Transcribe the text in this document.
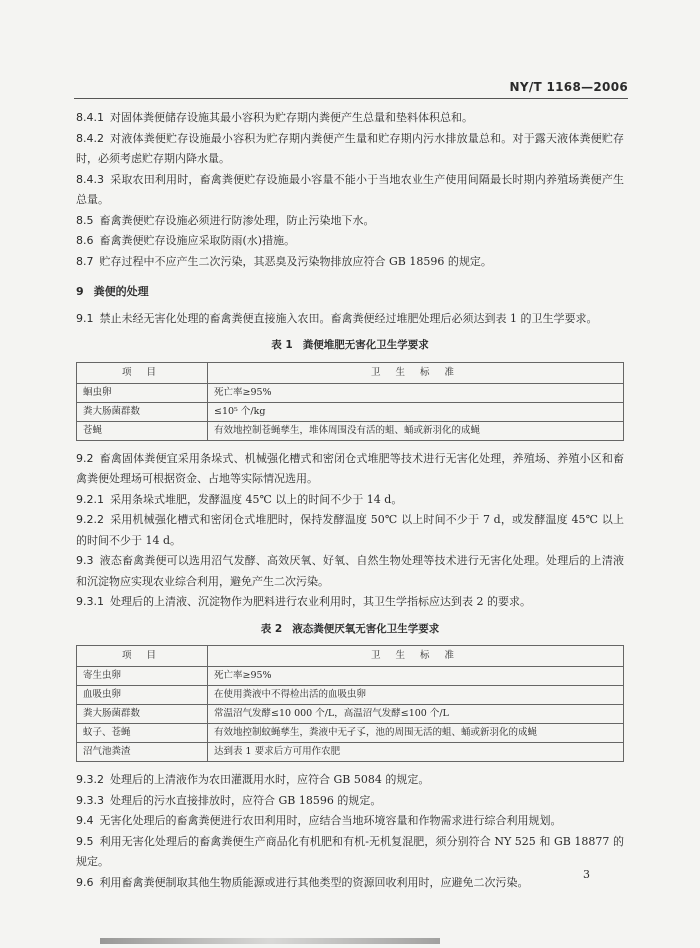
NY/T 1168—2006

8.4.1 对固体粪便储存设施其最小容积为贮存期内粪便产生总量和垫料体积总和。

8.4.2 对液体粪便贮存设施最小容积为贮存期内粪便产生量和贮存期内污水排放量总和。对于露天液体粪便贮存时，必须考虑贮存期内降水量。

8.4.3 采取农田利用时，畜禽粪便贮存设施最小容量不能小于当地农业生产使用间隔最长时期内养殖场粪便产生总量。

8.5 畜禽粪便贮存设施必须进行防渗处理，防止污染地下水。

8.6 畜禽粪便贮存设施应采取防雨(水)措施。

8.7 贮存过程中不应产生二次污染，其恶臭及污染物排放应符合 GB 18596 的规定。

9 粪便的处理

9.1 禁止未经无害化处理的畜禽粪便直接施入农田。畜禽粪便经过堆肥处理后必须达到表 1 的卫生学要求。

表 1 粪便堆肥无害化卫生学要求
项 目	卫 生 标 准
蛔虫卵	死亡率≥95%
粪大肠菌群数	≤10⁵ 个/kg
苍蝇	有效地控制苍蝇孳生，堆体周围没有活的蛆、蛹或新羽化的成蝇

9.2 畜禽固体粪便宜采用条垛式、机械强化槽式和密闭仓式堆肥等技术进行无害化处理，养殖场、养殖小区和畜禽粪便处理场可根据资金、占地等实际情况选用。

9.2.1 采用条垛式堆肥，发酵温度 45℃ 以上的时间不少于 14 d。

9.2.2 采用机械强化槽式和密闭仓式堆肥时，保持发酵温度 50℃ 以上时间不少于 7 d，或发酵温度 45℃ 以上的时间不少于 14 d。

9.3 液态畜禽粪便可以选用沼气发酵、高效厌氧、好氧、自然生物处理等技术进行无害化处理。处理后的上清液和沉淀物应实现农业综合利用，避免产生二次污染。

9.3.1 处理后的上清液、沉淀物作为肥料进行农业利用时，其卫生学指标应达到表 2 的要求。

表 2 液态粪便厌氧无害化卫生学要求
项 目	卫 生 标 准
寄生虫卵	死亡率≥95%
血吸虫卵	在使用粪液中不得检出活的血吸虫卵
粪大肠菌群数	常温沼气发酵≤10 000 个/L，高温沼气发酵≤100 个/L
蚊子、苍蝇	有效地控制蚊蝇孳生，粪液中无孑孓，池的周围无活的蛆、蛹或新羽化的成蝇
沼气池粪渣	达到表 1 要求后方可用作农肥

9.3.2 处理后的上清液作为农田灌溉用水时，应符合 GB 5084 的规定。

9.3.3 处理后的污水直接排放时，应符合 GB 18596 的规定。

9.4 无害化处理后的畜禽粪便进行农田利用时，应结合当地环境容量和作物需求进行综合利用规划。

9.5 利用无害化处理后的畜禽粪便生产商品化有机肥和有机-无机复混肥，须分别符合 NY 525 和 GB 18877 的规定。

9.6 利用畜禽粪便制取其他生物质能源或进行其他类型的资源回收利用时，应避免二次污染。

3
